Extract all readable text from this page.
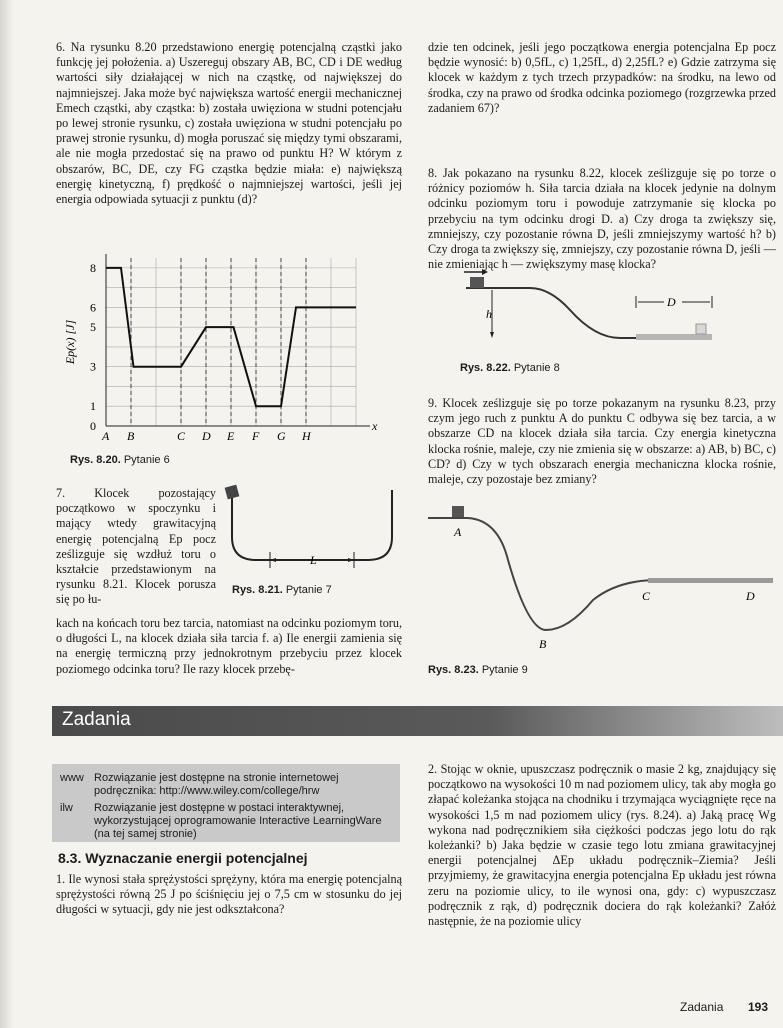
6. Na rysunku 8.20 przedstawiono energię potencjalną cząstki jako funkcję jej położenia. a) Uszereguj obszary AB, BC, CD i DE według wartości siły działającej w nich na cząstkę, od największej do najmniejszej. Jaka może być największa wartość energii mechanicznej Emech cząstki, aby cząstka: b) została uwięziona w studni potencjału po lewej stronie rysunku, c) została uwięziona w studni potencjału po prawej stronie rysunku, d) mogła poruszać się między tymi obszarami, ale nie mogła przedostać się na prawo od punktu H? W którym z obszarów, BC, DE, czy FG cząstka będzie miała: e) największą energię kinetyczną, f) prędkość o najmniejszej wartości, jeśli jej energia odpowiada sytuacji z punktu (d)?
A B	C D E F G H
0
1
3
5
6
8
Ep(x) [J]
x
Rys. 8.20. Pytanie 6
7. Klocek pozostający początkowo w spoczynku i mający wtedy grawitacyjną energię potencjalną Ep pocz ześlizguje się wzdłuż toru o kształcie przedstawionym na rysunku 8.21. Klocek porusza się po łu-
kach na końcach toru bez tarcia, natomiast na odcinku poziomym toru, o długości L, na klocek działa siła tarcia f. a) Ile energii zamienia się na energię termiczną przy jednokrotnym przebyciu przez klocek poziomego odcinka toru? Ile razy klocek przebę-
L
Rys. 8.21. Pytanie 7
dzie ten odcinek, jeśli jego początkowa energia potencjalna Ep pocz będzie wynosić: b) 0,5fL, c) 1,25fL, d) 2,25fL? e) Gdzie zatrzyma się klocek w każdym z tych trzech przypadków: na środku, na lewo od środka, czy na prawo od środka odcinka poziomego (rozgrzewka przed zadaniem 67)?
8. Jak pokazano na rysunku 8.22, klocek ześlizguje się po torze o różnicy poziomów h. Siła tarcia działa na klocek jedynie na dolnym odcinku poziomym toru i powoduje zatrzymanie się klocka po przebyciu na tym odcinku drogi D. a) Czy droga ta zwiększy się, zmniejszy, czy pozostanie równa D, jeśli zmniejszymy wartość h? b) Czy droga ta zwiększy się, zmniejszy, czy pozostanie równa D, jeśli — nie zmieniając h — zwiększymy masę klocka?
h
D
Rys. 8.22. Pytanie 8
9. Klocek ześlizguje się po torze pokazanym na rysunku 8.23, przy czym jego ruch z punktu A do punktu C odbywa się bez tarcia, a w obszarze CD na klocek działa siła tarcia. Czy energia kinetyczna klocka rośnie, maleje, czy nie zmienia się w obszarze: a) AB, b) BC, c) CD? d) Czy w tych obszarach energia mechaniczna klocka rośnie, maleje, czy pozostaje bez zmiany?
A
B
C	D
Rys. 8.23. Pytanie 9
Zadania
www Rozwiązanie jest dostępne na stronie internetowej podręcznika: http://www.wiley.com/college/hrw
ilw	Rozwiązanie jest dostępne w postaci interaktywnej, wykorzystującej oprogramowanie Interactive LearningWare (na tej samej stronie)
8.3. Wyznaczanie energii potencjalnej
1. Ile wynosi stała sprężystości sprężyny, która ma energię potencjalną sprężystości równą 25 J po ściśnięciu jej o 7,5 cm w stosunku do jej długości w sytuacji, gdy nie jest odkształcona?
2. Stojąc w oknie, upuszczasz podręcznik o masie 2 kg, znajdujący się początkowo na wysokości 10 m nad poziomem ulicy, tak aby mogła go złapać koleżanka stojąca na chodniku i trzymająca wyciągnięte ręce na wysokości 1,5 m nad poziomem ulicy (rys. 8.24). a) Jaką pracę Wg wykona nad podręcznikiem siła ciężkości podczas jego lotu do rąk koleżanki? b) Jaka będzie w czasie tego lotu zmiana grawitacyjnej energii potencjalnej ΔEp układu podręcznik–Ziemia? Jeśli przyjmiemy, że grawitacyjna energia potencjalna Ep układu jest równa zeru na poziomie ulicy, to ile wynosi ona, gdy: c) wypuszczasz podręcznik z rąk, d) podręcznik dociera do rąk koleżanki? Załóż następnie, że na poziomie ulicy
Zadania 193
